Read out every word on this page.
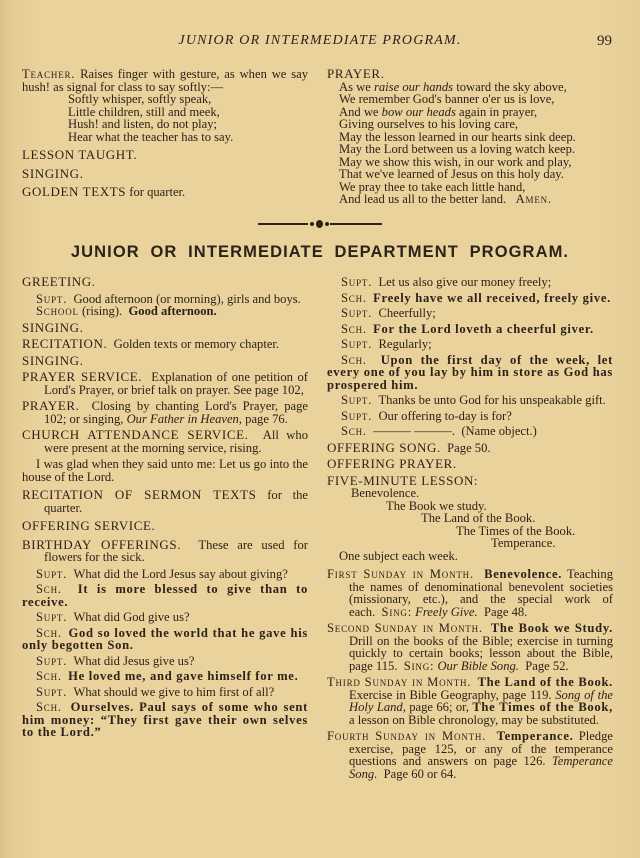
JUNIOR OR INTERMEDIATE PROGRAM.	99
Teacher. Raises finger with gesture, as when we say hush! as signal for class to say softly:—
Softly whisper, softly speak,
Little children, still and meek,
Hush! and listen, do not play;
Hear what the teacher has to say.
LESSON TAUGHT.
SINGING.
GOLDEN TEXTS for quarter.
PRAYER.
As we raise our hands toward the sky above,
We remember God's banner o'er us is love,
And we bow our heads again in prayer,
Giving ourselves to his loving care,
May the lesson learned in our hearts sink deep.
May the Lord between us a loving watch keep.
May we show this wish, in our work and play,
That we've learned of Jesus on this holy day.
We pray thee to take each little hand,
And lead us all to the better land. Amen.
JUNIOR OR INTERMEDIATE DEPARTMENT PROGRAM.
GREETING.
Supt. Good afternoon (or morning), girls and boys.
School (rising). Good afternoon.
SINGING.
RECITATION. Golden texts or memory chapter.
SINGING.
PRAYER SERVICE. Explanation of one petition of Lord's Prayer, or brief talk on prayer. See page 102,
PRAYER. Closing by chanting Lord's Prayer, page 102; or singing, Our Father in Heaven, page 76.
CHURCH ATTENDANCE SERVICE. All who were present at the morning service, rising.
I was glad when they said unto me: Let us go into the house of the Lord.
RECITATION OF SERMON TEXTS for the quarter.
OFFERING SERVICE.
BIRTHDAY OFFERINGS. These are used for flowers for the sick.
Supt. What did the Lord Jesus say about giving?
Sch. It is more blessed to give than to receive.
Supt. What did God give us?
Sch. God so loved the world that he gave his only begotten Son.
Supt. What did Jesus give us?
Sch. He loved me, and gave himself for me.
Supt. What should we give to him first of all?
Sch. Ourselves. Paul says of some who sent him money: “They first gave their own selves to the Lord.”
Supt. Let us also give our money freely;
Sch. Freely have we all received, freely give.
Supt. Cheerfully;
Sch. For the Lord loveth a cheerful giver.
Supt. Regularly;
Sch. Upon the first day of the week, let every one of you lay by him in store as God has prospered him.
Supt. Thanks be unto God for his unspeakable gift.
Supt. Our offering to-day is for?
Sch. ——— ———. (Name object.)
OFFERING SONG. Page 50.
OFFERING PRAYER.
FIVE-MINUTE LESSON:
Benevolence.
The Book we study.
The Land of the Book.
The Times of the Book.
Temperance.
One subject each week.
First Sunday in Month. Benevolence. Teaching the names of denominational benevolent societies (missionary, etc.), and the special work of each. Sing: Freely Give. Page 48.
Second Sunday in Month. The Book we Study. Drill on the books of the Bible; exercise in turning quickly to certain books; lesson about the Bible, page 115. Sing: Our Bible Song. Page 52.
Third Sunday in Month. The Land of the Book. Exercise in Bible Geography, page 119. Song of the Holy Land, page 66; or, The Times of the Book, a lesson on Bible chronology, may be substituted.
Fourth Sunday in Month. Temperance. Pledge exercise, page 125, or any of the temperance questions and answers on page 126. Temperance Song. Page 60 or 64.
